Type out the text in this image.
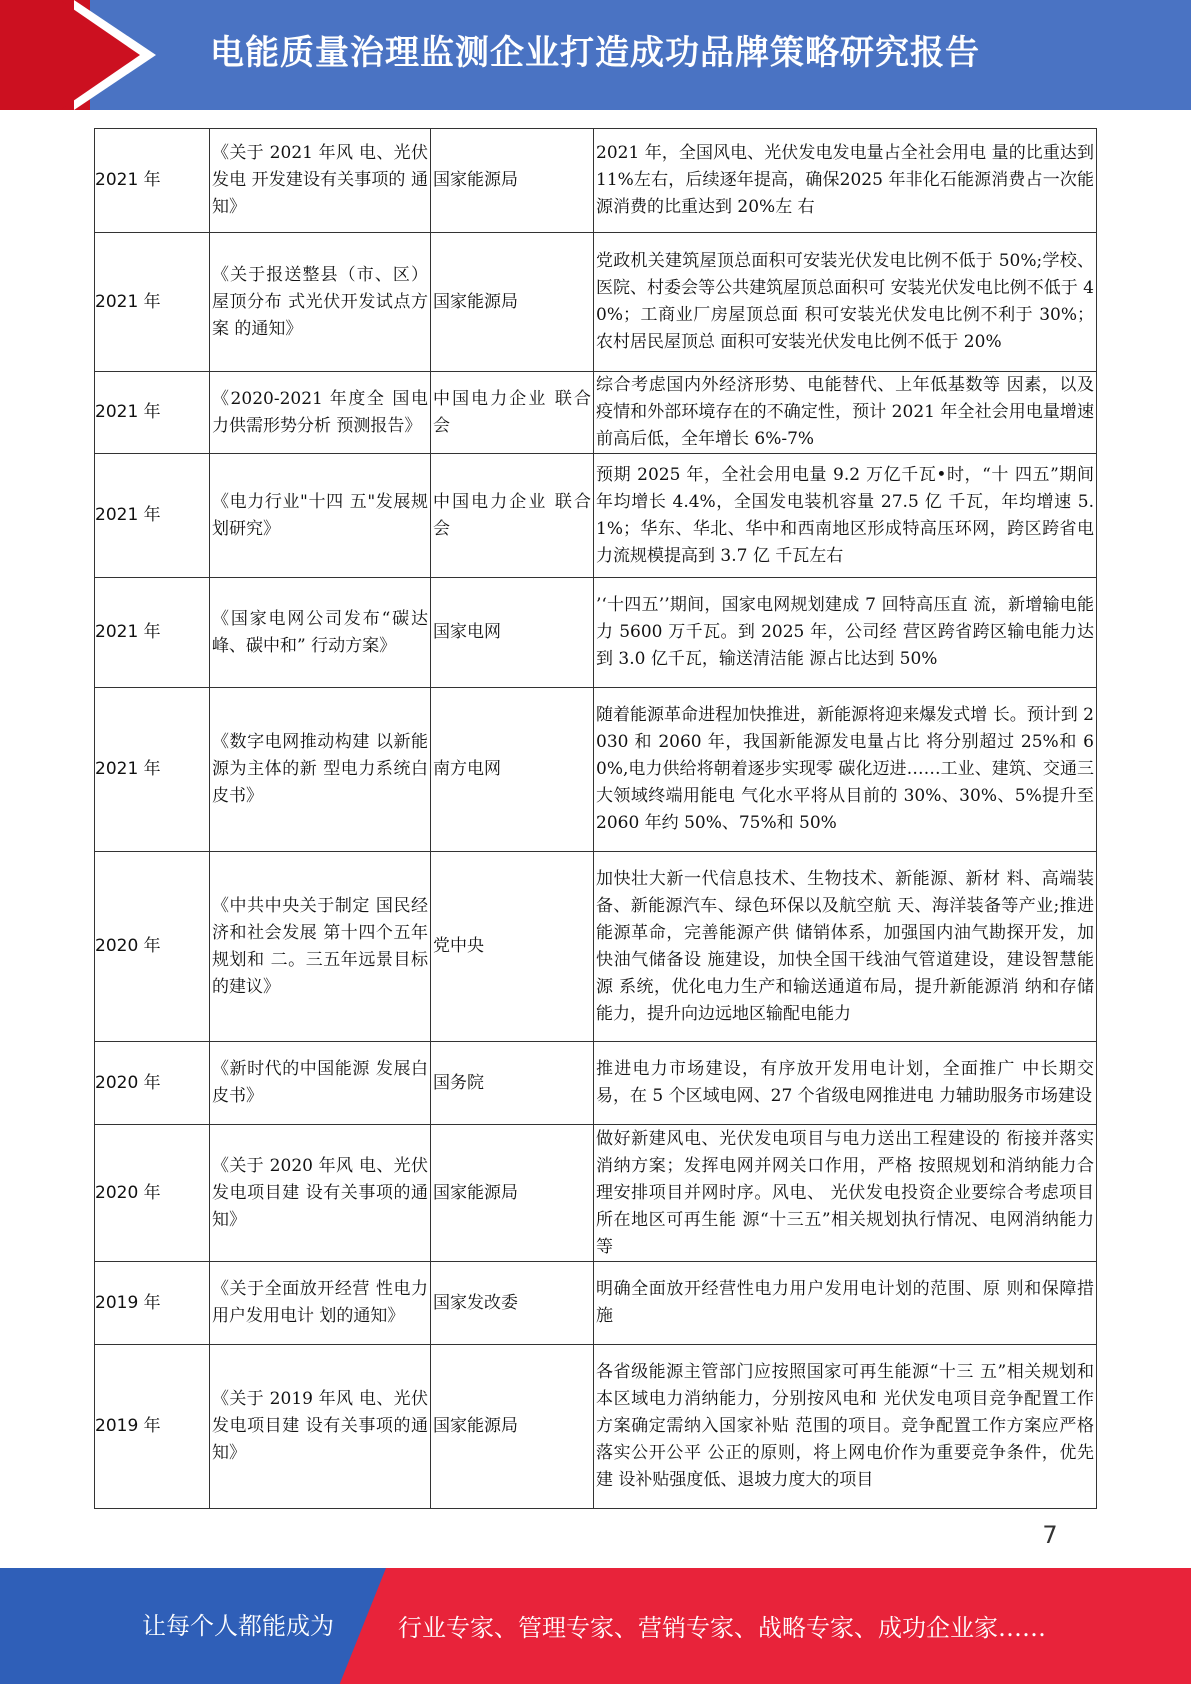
电能质量治理监测企业打造成功品牌策略研究报告
2021 年	《关于 2021 年风 电、光伏发电 开发建设有关事项的 通知》	国家能源局	2021 年，全国风电、光伏发电发电量占全社会用电 量的比重达到11%左右，后续逐年提高，确保2025 年非化石能源消费占一次能源消费的比重达到 20%左 右
2021 年	《关于报送整县（市、区）屋顶分布 式光伏开发试点方案 的通知》	国家能源局	党政机关建筑屋顶总面积可安装光伏发电比例不低于 50%;学校、医院、村委会等公共建筑屋顶总面积可 安装光伏发电比例不低于 40%；工商业厂房屋顶总面 积可安装光伏发电比例不利于 30%；农村居民屋顶总 面积可安装光伏发电比例不低于 20%
2021 年	《2020-2021 年度全 国电力供需形势分析 预测报告》	中国电力企业 联合会	综合考虑国内外经济形势、电能替代、上年低基数等 因素，以及疫情和外部环境存在的不确定性，预计 2021 年全社会用电量增速前高后低，全年增长 6%-7%
2021 年	《电力行业"十四 五"发展规划研究》	中国电力企业 联合会	预期 2025 年，全社会用电量 9.2 万亿千瓦•时，“十 四五”期间年均增长 4.4%，全国发电装机容量 27.5 亿 千瓦，年均增速 5.1%；华东、华北、华中和西南地区形成特高压环网，跨区跨省电力流规模提高到 3.7 亿 千瓦左右
2021 年	《国家电网公司发布“碳达峰、碳中和” 行动方案》	国家电网	’‘十四五’’期间，国家电网规划建成 7 回特高压直 流，新增输电能力 5600 万千瓦。到 2025 年，公司经 营区跨省跨区输电能力达到 3.0 亿千瓦，输送清洁能 源占比达到 50%
2021 年	《数字电网推动构建 以新能源为主体的新 型电力系统白皮书》	南方电网	随着能源革命进程加快推进，新能源将迎来爆发式增 长。预计到 2030 和 2060 年，我国新能源发电量占比 将分别超过 25%和 60%,电力供给将朝着逐步实现零 碳化迈进……工业、建筑、交通三大领域终端用能电 气化水平将从目前的 30%、30%、5%提升至 2060 年约 50%、75%和 50%
2020 年	《中共中央关于制定 国民经济和社会发展 第十四个五年规划和 二。三五年远景目标 的建议》	党中央	加快壮大新一代信息技术、生物技术、新能源、新材 料、高端装备、新能源汽车、绿色环保以及航空航 天、海洋装备等产业;推进能源革命，完善能源产供 储销体系，加强国内油气勘探开发，加快油气储备设 施建设，加快全国干线油气管道建设，建设智慧能源 系统，优化电力生产和输送通道布局，提升新能源消 纳和存储能力，提升向边远地区输配电能力
2020 年	《新时代的中国能源 发展白皮书》	国务院	推进电力市场建设，有序放开发用电计划，全面推广 中长期交易，在 5 个区域电网、27 个省级电网推进电 力辅助服务市场建设
2020 年	《关于 2020 年风 电、光伏发电项目建 设有关事项的通知》	国家能源局	做好新建风电、光伏发电项目与电力送出工程建设的 衔接并落实消纳方案；发挥电网并网关口作用，严格 按照规划和消纳能力合理安排项目并网时序。风电、 光伏发电投资企业要综合考虑项目所在地区可再生能 源“十三五”相关规划执行情况、电网消纳能力等
2019 年	《关于全面放开经营 性电力用户发用电计 划的通知》	国家发改委	明确全面放开经营性电力用户发用电计划的范围、原 则和保障措施
2019 年	《关于 2019 年风 电、光伏发电项目建 设有关事项的通知》	国家能源局	各省级能源主管部门应按照国家可再生能源“十三 五”相关规划和本区域电力消纳能力，分别按风电和 光伏发电项目竞争配置工作方案确定需纳入国家补贴 范围的项目。竞争配置工作方案应严格落实公开公平 公正的原则，将上网电价作为重要竞争条件，优先建 设补贴强度低、退坡力度大的项目
7
让每个人都能成为	行业专家、管理专家、营销专家、战略专家、成功企业家……
